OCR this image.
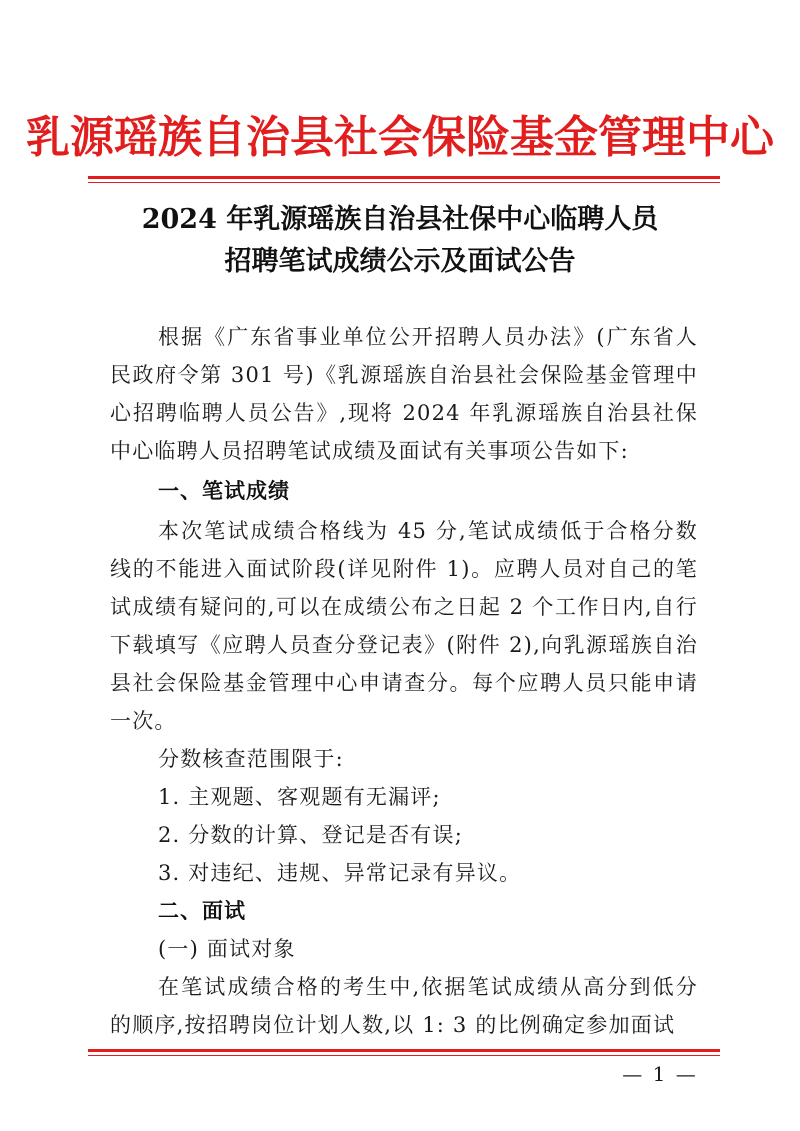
乳源瑶族自治县社会保险基金管理中心
2024 年乳源瑶族自治县社保中心临聘人员
招聘笔试成绩公示及面试公告
根据《广东省事业单位公开招聘人员办法》(广东省人民政府令第 301 号)《乳源瑶族自治县社会保险基金管理中心招聘临聘人员公告》,现将 2024 年乳源瑶族自治县社保中心临聘人员招聘笔试成绩及面试有关事项公告如下:
一、笔试成绩
本次笔试成绩合格线为 45 分,笔试成绩低于合格分数线的不能进入面试阶段(详见附件 1)。应聘人员对自己的笔试成绩有疑问的,可以在成绩公布之日起 2 个工作日内,自行下载填写《应聘人员查分登记表》(附件 2),向乳源瑶族自治县社会保险基金管理中心申请查分。每个应聘人员只能申请一次。
分数核查范围限于:
1. 主观题、客观题有无漏评;
2. 分数的计算、登记是否有误;
3. 对违纪、违规、异常记录有异议。
二、面试
(一) 面试对象
在笔试成绩合格的考生中,依据笔试成绩从高分到低分的顺序,按招聘岗位计划人数,以 1: 3 的比例确定参加面试
— 1 —
